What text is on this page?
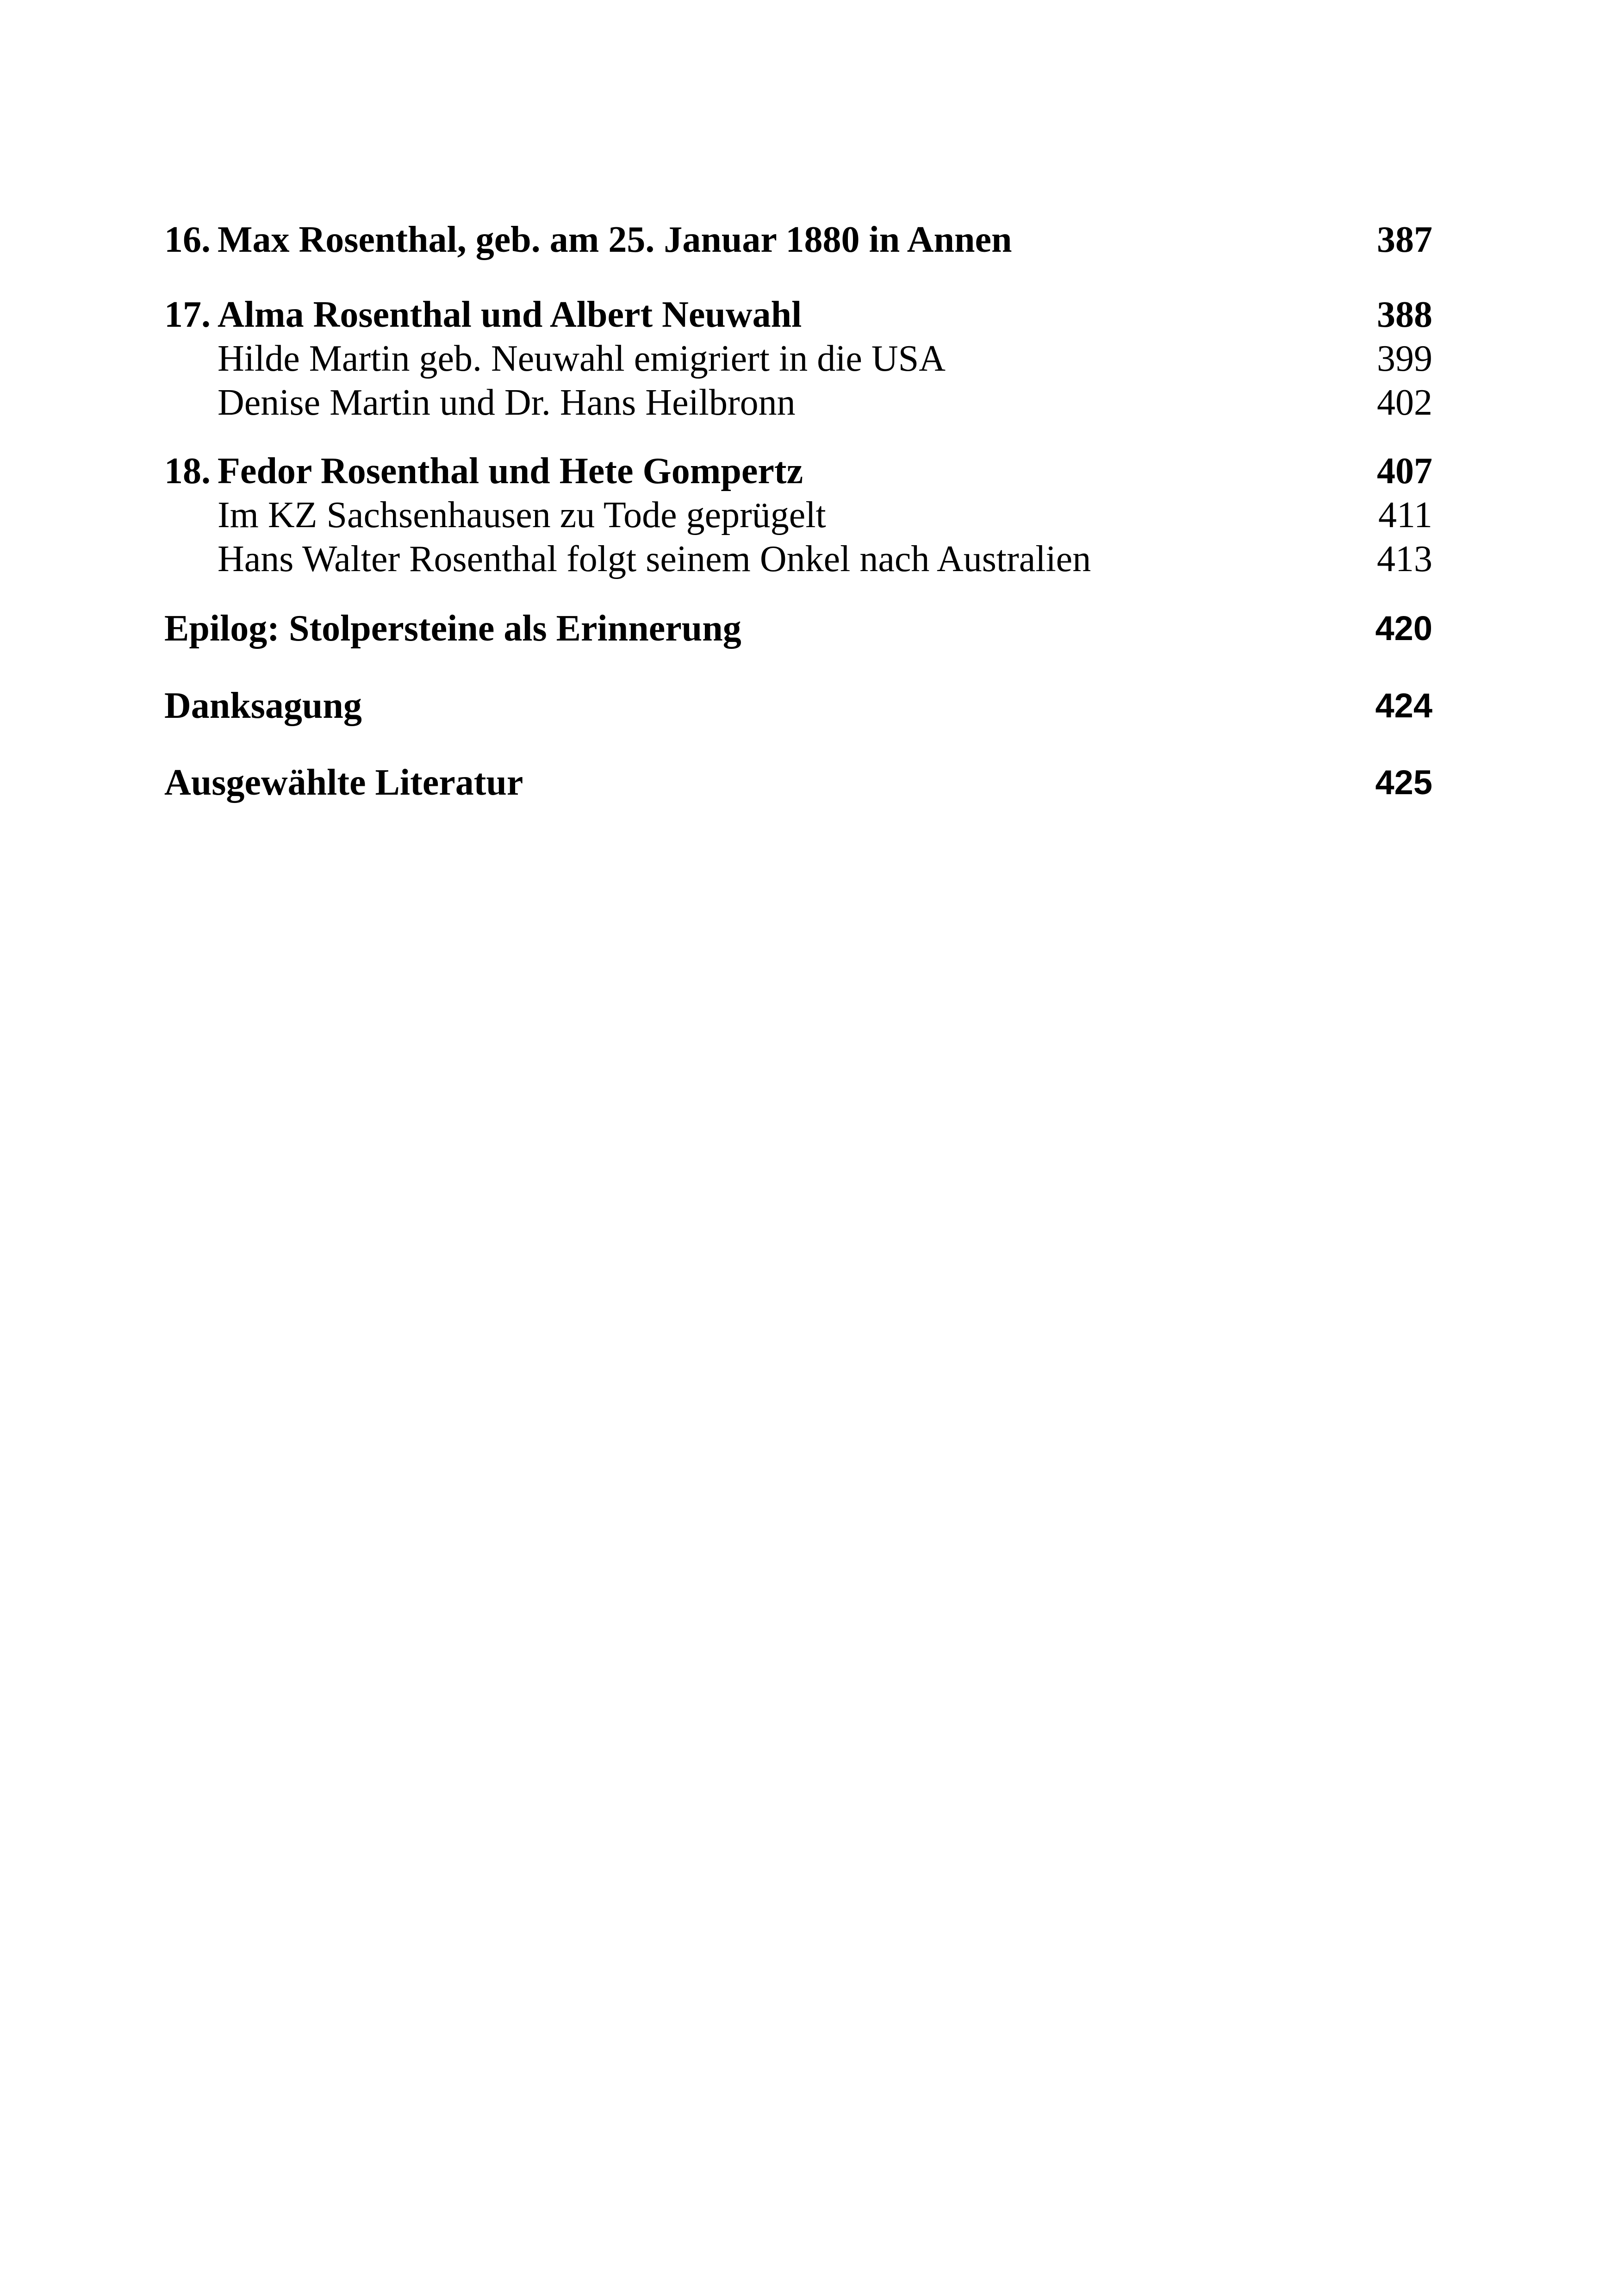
16. Max Rosenthal, geb. am 25. Januar 1880 in Annen	387
17. Alma Rosenthal und Albert Neuwahl	388
Hilde Martin geb. Neuwahl emigriert in die USA	399
Denise Martin und Dr. Hans Heilbronn	402
18. Fedor Rosenthal und Hete Gompertz	407
Im KZ Sachsenhausen zu Tode geprügelt	411
Hans Walter Rosenthal folgt seinem Onkel nach Australien	413
Epilog: Stolpersteine als Erinnerung	420
Danksagung	424
Ausgewählte Literatur	425
